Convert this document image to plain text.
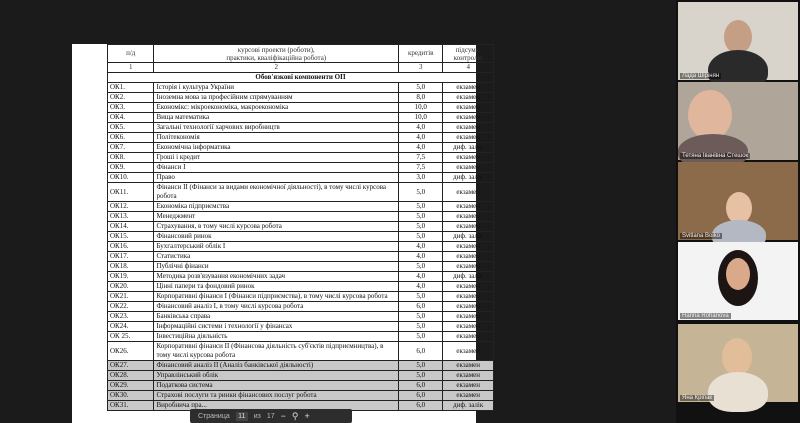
п/д	курсові проекти (роботи),
практики, кваліфікаційна робота)	кредитів	підсумк.
контролю
1	2	3	4
Обов'язкові компоненти ОП			
ОК1.	Історія і культура України	5,0	екзамен
ОК2.	Іноземна мова за професійним спрямуванням	8,0	екзамен
ОК3.	Економікс: мікроекономіка, макроекономіка	10,0	екзамен
ОК4.	Вища математика	10,0	екзамен
ОК5.	Загальні технології харчових виробництв	4,0	екзамен
ОК6.	Політекономія	4,0	екзамен
ОК7.	Економічна інформатика	4,0	диф. залік
ОК8.	Гроші і кредит	7,5	екзамен
ОК9.	Фінанси І	7,5	екзамен
ОК10.	Право	3,0	диф. залік
ОК11.	Фінанси ІІ (Фінанси за видами економічної діяльності), в тому числі курсова робота	5,0	екзамен
ОК12.	Економіка підприємства	5,0	екзамен
ОК13.	Менеджмент	5,0	екзамен
ОК14.	Страхування, в тому числі курсова робота	5,0	екзамен
ОК15.	Фінансовий ринок	5,0	диф. залік
ОК16.	Бухгалтерський облік І	4,0	екзамен
ОК17.	Статистика	4,0	екзамен
ОК18.	Публічні фінанси	5,0	екзамен
ОК19.	Методика розв'язування економічних задач	4,0	диф. залік
ОК20.	Цінні папери та фондовий ринок	4,0	екзамен
ОК21.	Корпоративні фінанси І (Фінанси підприємства), в тому числі курсова робота	5,0	екзамен
ОК22.	Фінансовий аналіз І, в тому числі курсова робота	6,0	екзамен
ОК23.	Банківська справа	5,0	екзамен
ОК24.	Інформаційні системи і технології у фінансах	5,0	екзамен
ОК 25.	Інвестиційна діяльність	5,0	екзамен
ОК26.	Корпоративні фінанси ІІ (Фінансова діяльність суб'єктів підприємництва), в тому числі курсова робота	6,0	екзамен
ОК27.	Фінансовий аналіз ІІ (Аналіз банківської діяльності)	5,0	екзамен
ОК28.	Управлінський облік	5,0	екзамен
ОК29.	Податкова система	6,0	екзамен
ОК30.	Страхові послуги та ринки фінансових послуг робота	6,0	екзамен
ОК31.	Виробнича пра...	6,0	диф. залік
Страница	11	из 17 − ⚲ +
Лада Шірінян
Тетяна Іванівна Стешок
Svitlana Boiko
Hanna Rohanova
Яна Кріпак
